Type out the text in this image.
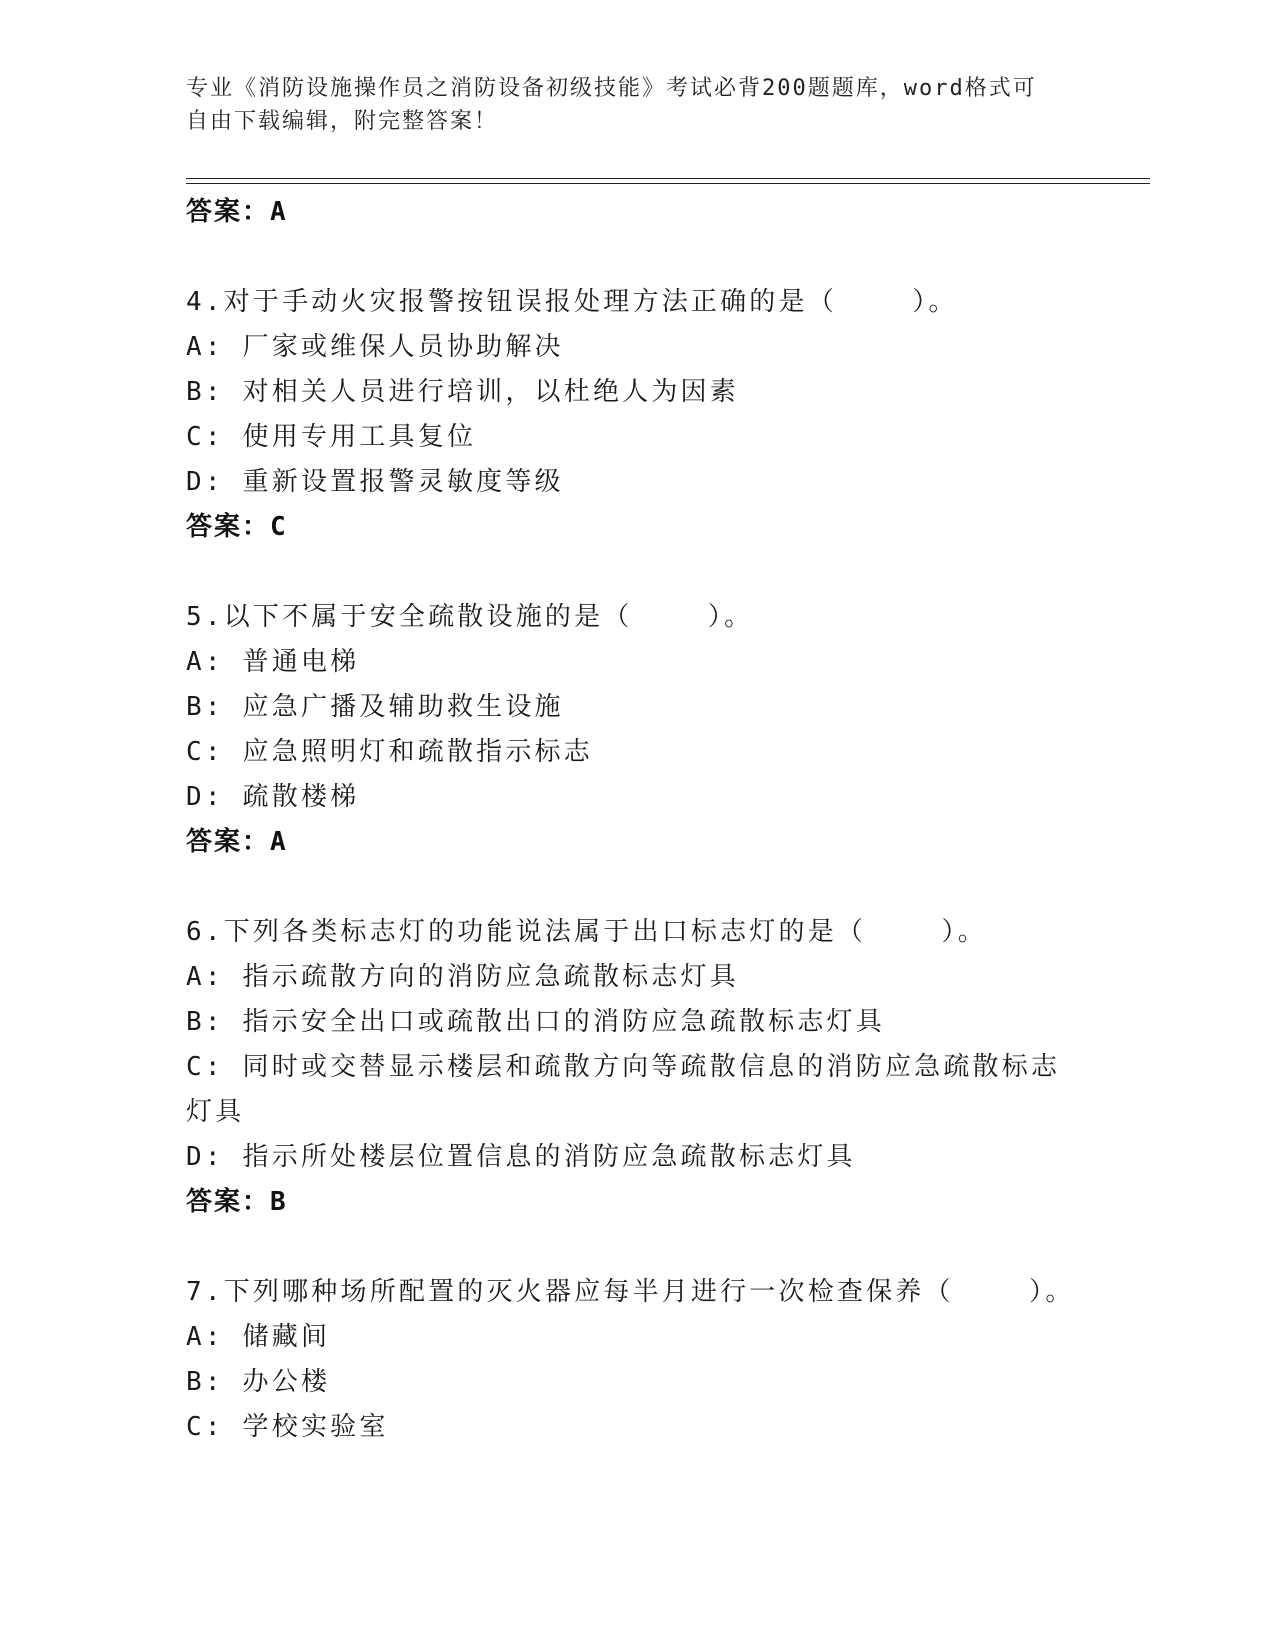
专业《消防设施操作员之消防设备初级技能》考试必背200题题库，word格式可
自由下载编辑，附完整答案！
答案：A
4.对于手动火灾报警按钮误报处理方法正确的是（    ）。
A: 厂家或维保人员协助解决
B: 对相关人员进行培训，以杜绝人为因素
C: 使用专用工具复位
D: 重新设置报警灵敏度等级
答案：C
5.以下不属于安全疏散设施的是（    ）。
A: 普通电梯
B: 应急广播及辅助救生设施
C: 应急照明灯和疏散指示标志
D: 疏散楼梯
答案：A
6.下列各类标志灯的功能说法属于出口标志灯的是（    ）。
A: 指示疏散方向的消防应急疏散标志灯具
B: 指示安全出口或疏散出口的消防应急疏散标志灯具
C: 同时或交替显示楼层和疏散方向等疏散信息的消防应急疏散标志灯具
D: 指示所处楼层位置信息的消防应急疏散标志灯具
答案：B
7.下列哪种场所配置的灭火器应每半月进行一次检查保养（    ）。
A: 储藏间
B: 办公楼
C: 学校实验室
